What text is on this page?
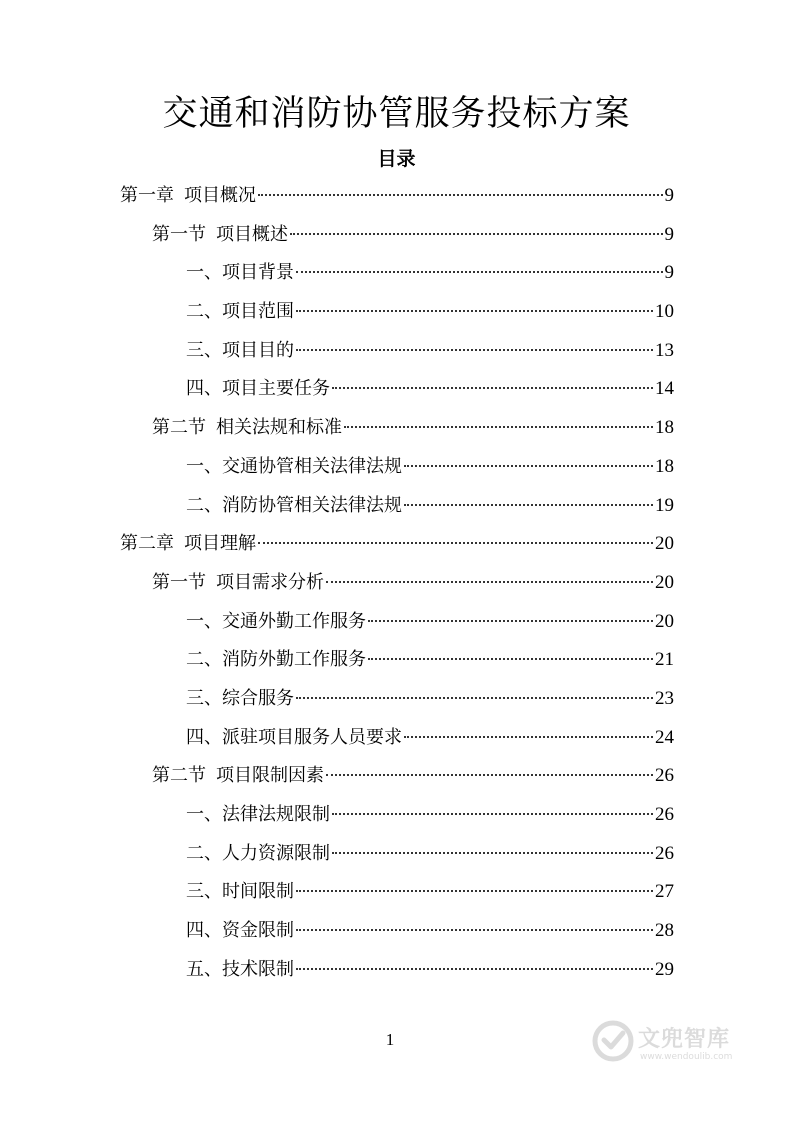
交通和消防协管服务投标方案
目录
第一章 项目概况	9
第一节 项目概述	9
一、项目背景	9
二、项目范围	10
三、项目目的	13
四、项目主要任务	14
第二节 相关法规和标准	18
一、交通协管相关法律法规	18
二、消防协管相关法律法规	19
第二章 项目理解	20
第一节 项目需求分析	20
一、交通外勤工作服务	20
二、消防外勤工作服务	21
三、综合服务	23
四、派驻项目服务人员要求	24
第二节 项目限制因素	26
一、法律法规限制	26
二、人力资源限制	26
三、时间限制	27
四、资金限制	28
五、技术限制	29
1	文兜智库
www.wendoulib.com
